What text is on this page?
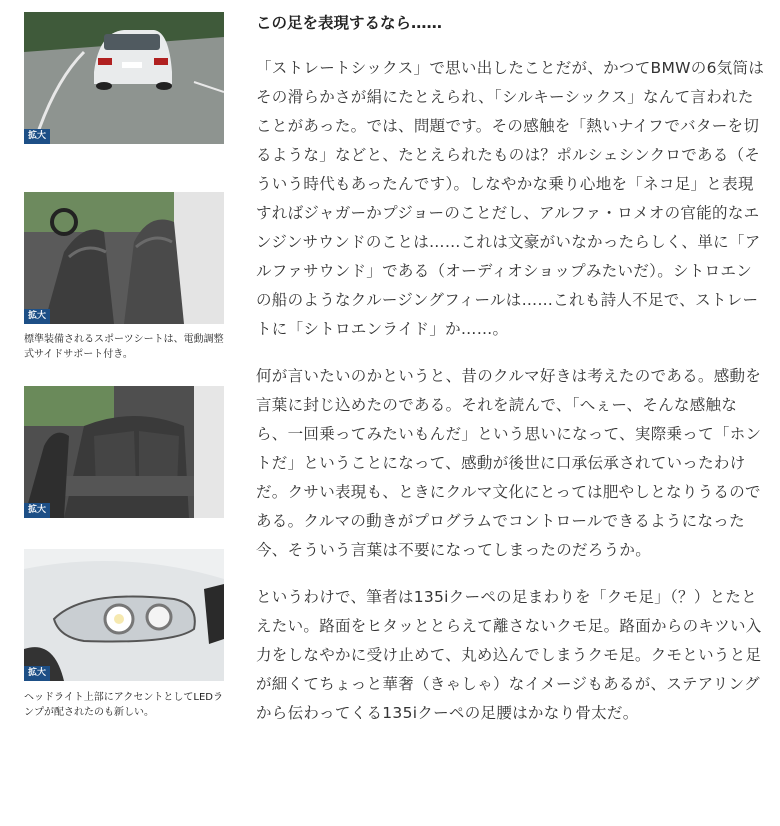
拡大
拡大
標準装備されるスポーツシートは、電動調整式サイドサポート付き。
拡大
拡大
ヘッドライト上部にアクセントとしてLEDランプが配されたのも新しい。
この足を表現するなら……

「ストレートシックス」で思い出したことだが、かつてBMWの6気筒はその滑らかさが絹にたとえられ、「シルキーシックス」なんて言われたことがあった。では、問題です。その感触を「熱いナイフでバターを切るような」などと、たとえられたものは？ポルシェシンクロである（そういう時代もあったんです）。しなやかな乗り心地を「ネコ足」と表現すればジャガーかプジョーのことだし、アルファ・ロメオの官能的なエンジンサウンドのことは……これは文豪がいなかったらしく、単に「アルファサウンド」である（オーディオショップみたいだ）。シトロエンの船のようなクルージングフィールは……これも詩人不足で、ストレートに「シトロエンライド」か……。

何が言いたいのかというと、昔のクルマ好きは考えたのである。感動を言葉に封じ込めたのである。それを読んで、「へぇー、そんな感触なら、一回乗ってみたいもんだ」という思いになって、実際乗って「ホントだ」ということになって、感動が後世に口承伝承されていったわけだ。クサい表現も、ときにクルマ文化にとっては肥やしとなりうるのである。クルマの動きがプログラムでコントロールできるようになった今、そういう言葉は不要になってしまったのだろうか。

というわけで、筆者は135iクーペの足まわりを「クモ足」（？）とたとえたい。路面をヒタッととらえて離さないクモ足。路面からのキツい入力をしなやかに受け止めて、丸め込んでしまうクモ足。クモというと足が細くてちょっと華奢（きゃしゃ）なイメージもあるが、ステアリングから伝わってくる135iクーペの足腰はかなり骨太だ。
